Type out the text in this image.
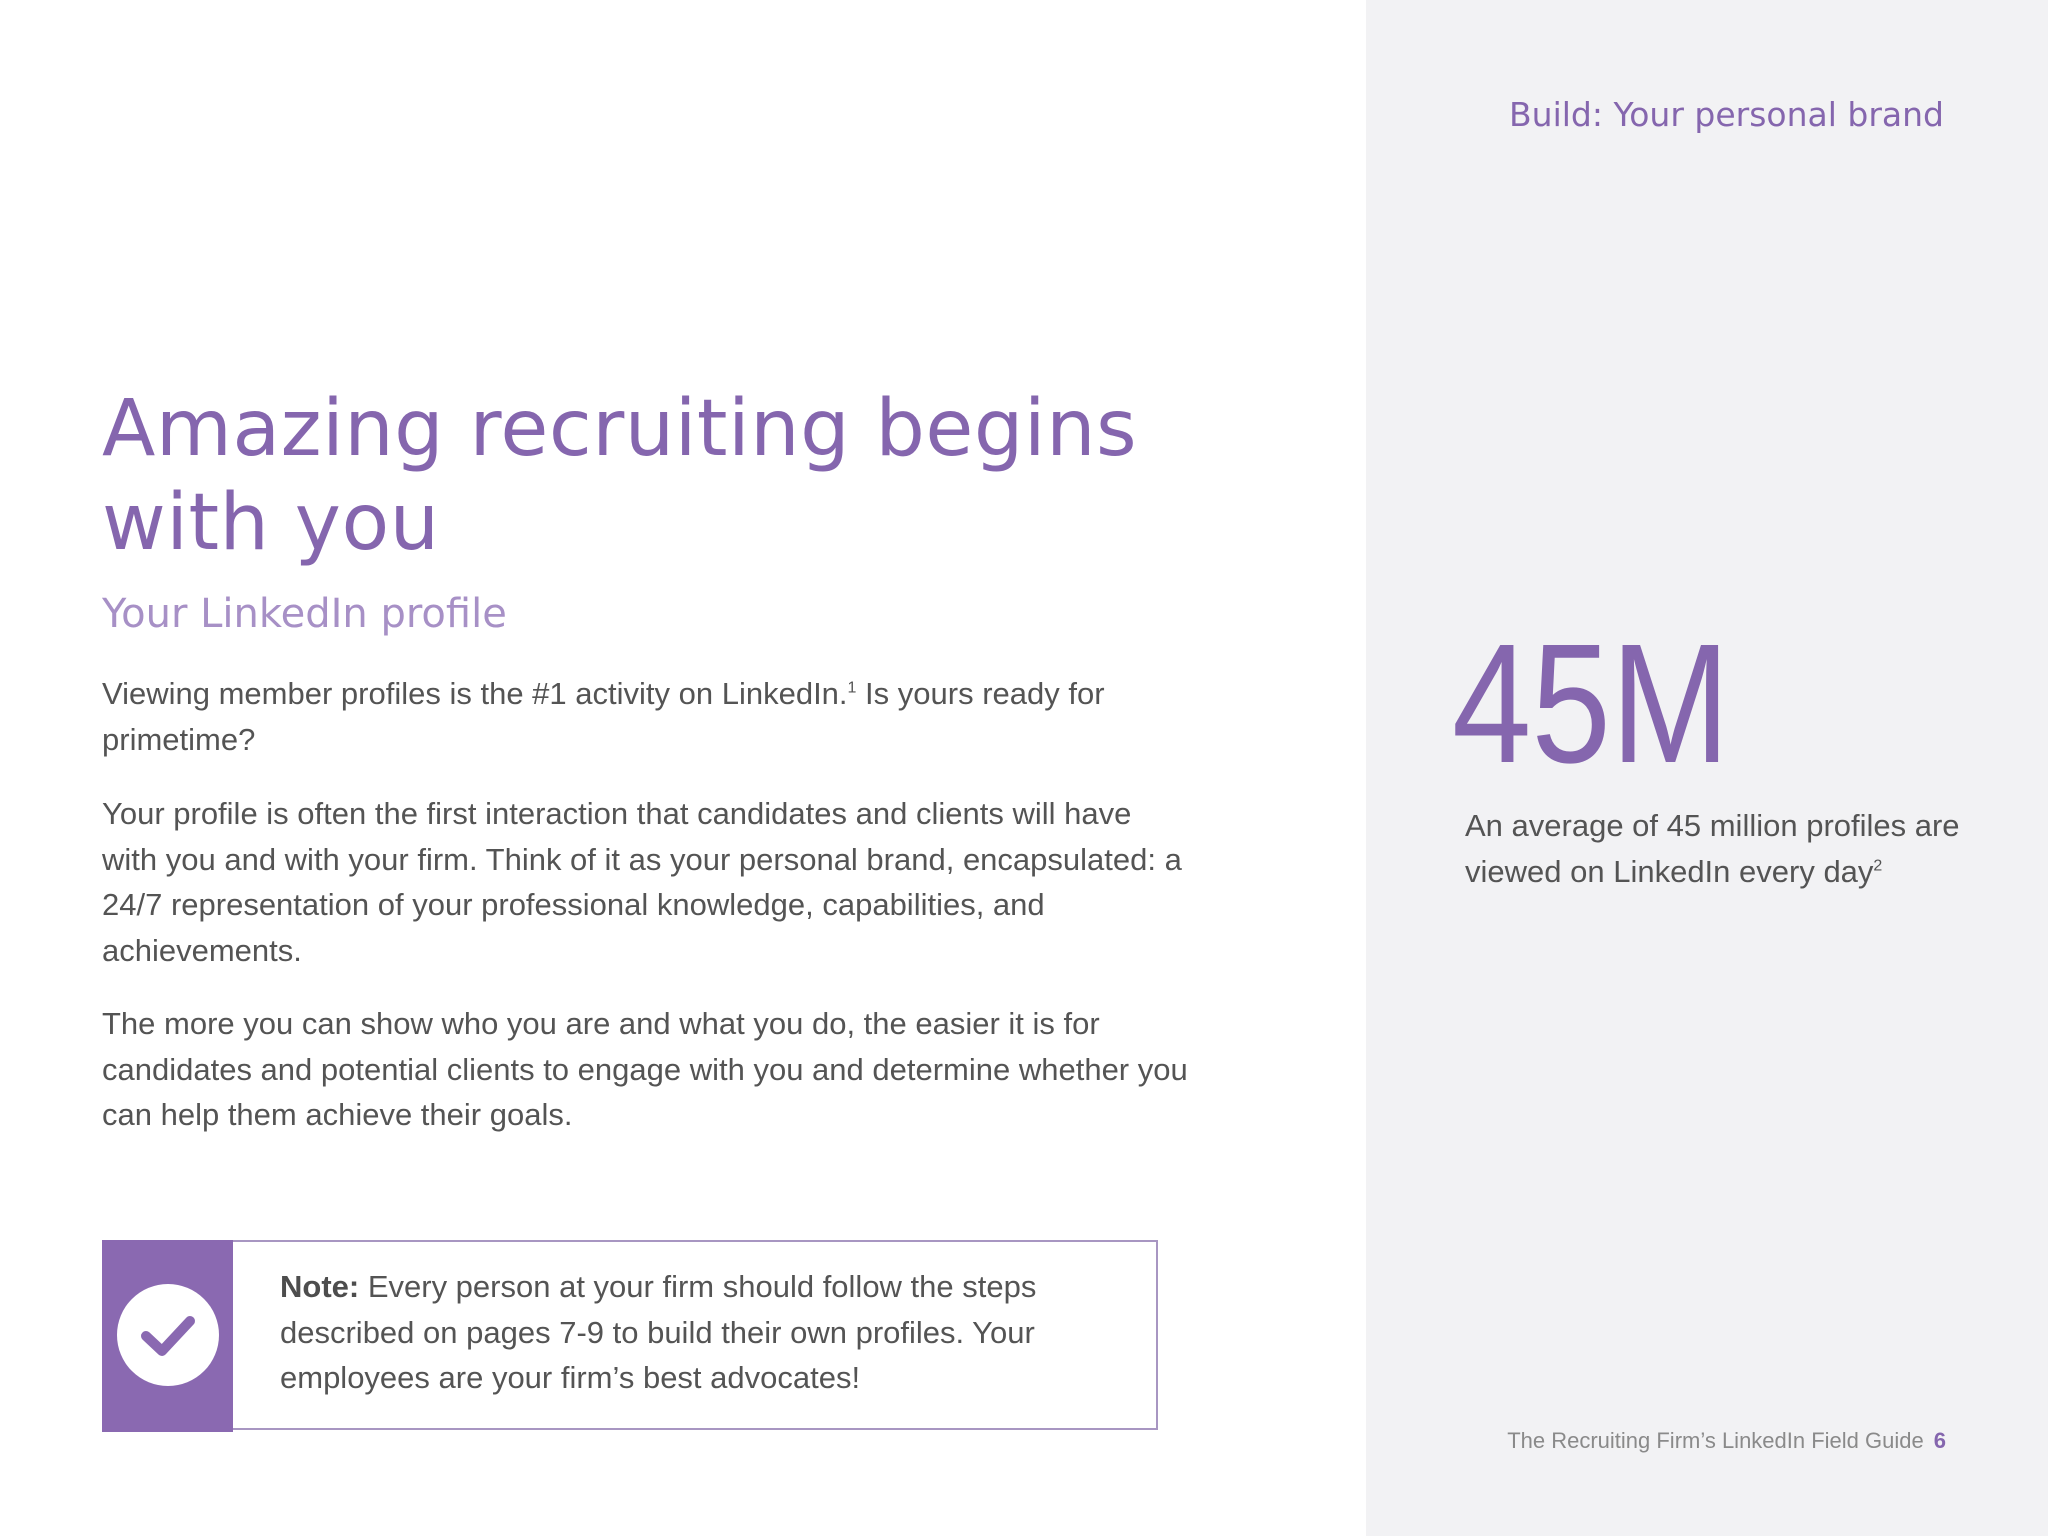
Amazing recruiting begins with you
Your LinkedIn profile

Viewing member profiles is the #1 activity on LinkedIn.$^1$ Is yours ready for primetime?

Your profile is often the first interaction that candidates and clients will have with you and with your firm. Think of it as your personal brand, encapsulated: a 24/7 representation of your professional knowledge, capabilities, and achievements.

The more you can show who you are and what you do, the easier it is for candidates and potential clients to engage with you and determine whether you can help them achieve their goals.

Note: Every person at your firm should follow the steps described on pages 7-9 to build their own profiles. Your employees are your firm’s best advocates!

Build: Your personal brand
45M

An average of 45 million profiles are viewed on LinkedIn every day$^2$

The Recruiting Firm’s LinkedIn Field Guide 6
